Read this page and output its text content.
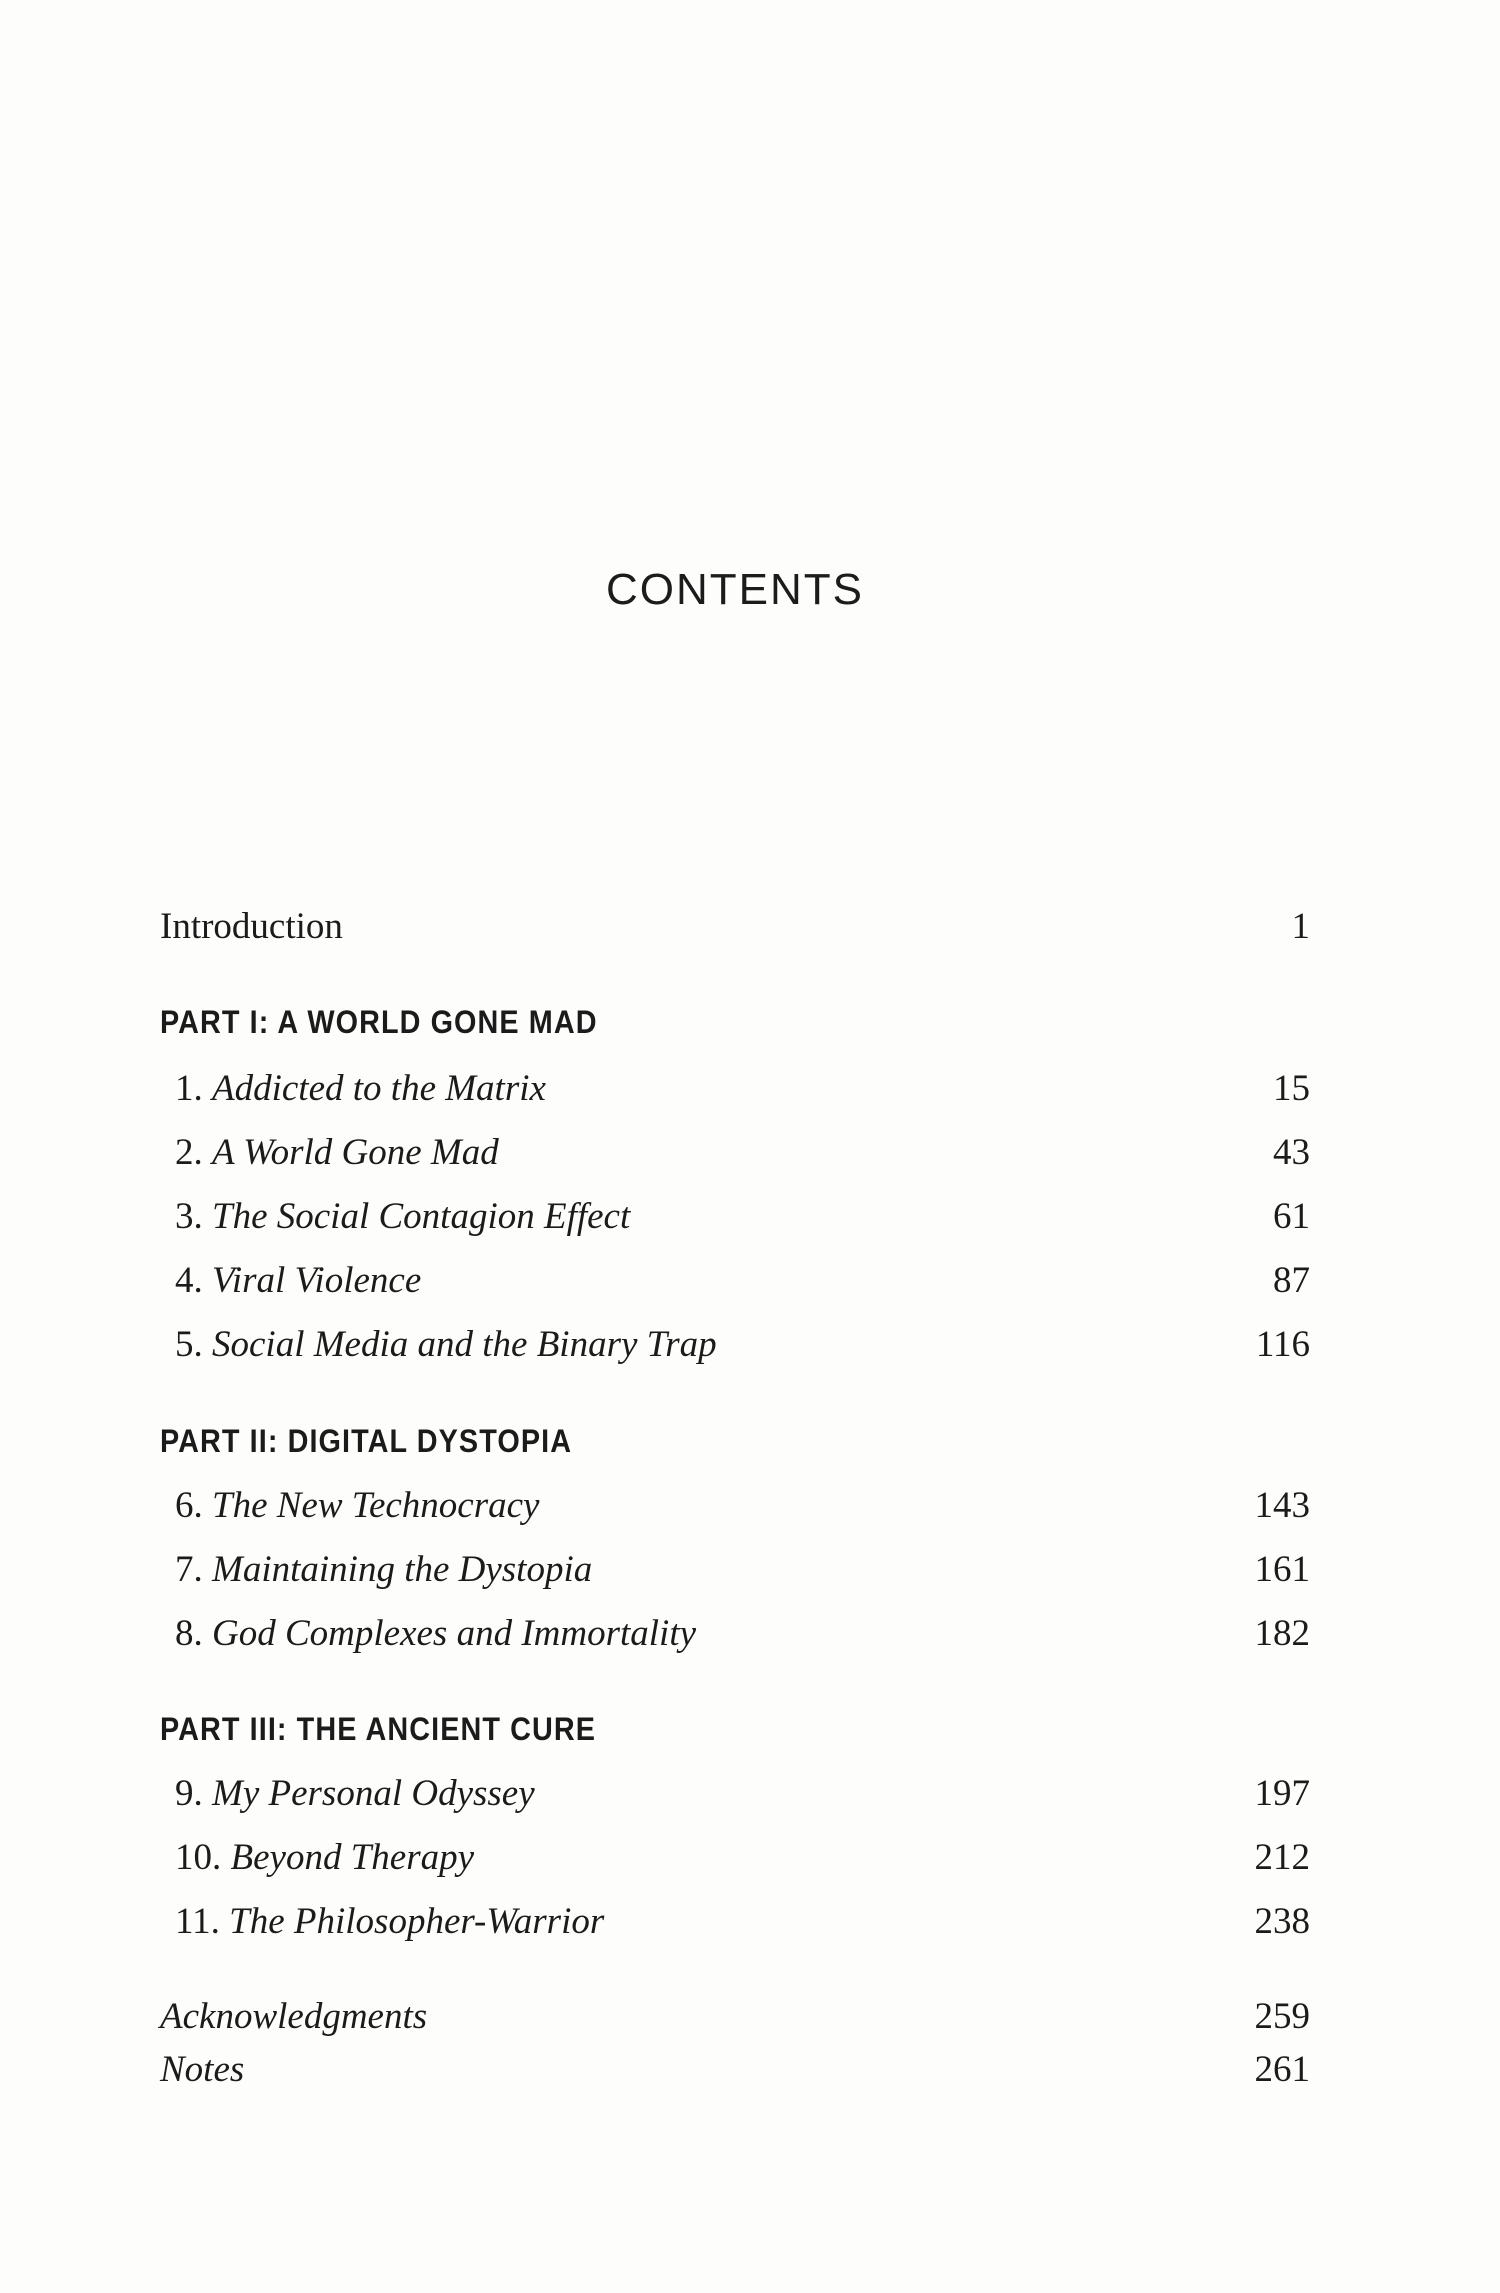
CONTENTS
Introduction	1
PART I: A WORLD GONE MAD
1. Addicted to the Matrix	15
2. A World Gone Mad	43
3. The Social Contagion Effect	61
4. Viral Violence	87
5. Social Media and the Binary Trap	116
PART II: DIGITAL DYSTOPIA
6. The New Technocracy	143
7. Maintaining the Dystopia	161
8. God Complexes and Immortality	182
PART III: THE ANCIENT CURE
9. My Personal Odyssey	197
10. Beyond Therapy	212
11. The Philosopher-Warrior	238
Acknowledgments	259
Notes	261
